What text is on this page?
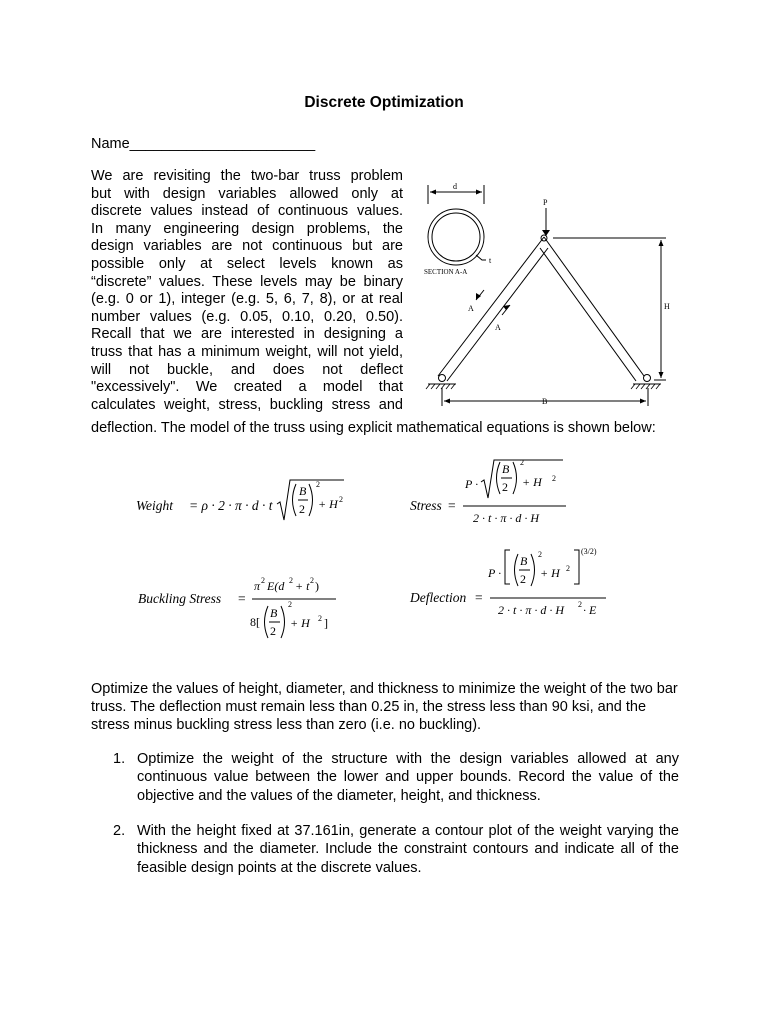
Discrete Optimization
Name_______________________
We are revisiting the two-bar truss problem
but with design variables allowed only at
discrete values instead of continuous values.
In many engineering design problems, the
design variables are not continuous but are
possible only at select levels known as
“discrete” values. These levels may be binary
(e.g. 0 or 1), integer (e.g. 5, 6, 7, 8), or at real
number values (e.g. 0.05, 0.10, 0.20, 0.50).
Recall that we are interested in designing a
truss that has a minimum weight, will not yield,
will not buckle, and does not deflect
"excessively". We created a model that
calculates weight, stress, buckling stress and
deflection. The model of the truss using explicit mathematical equations is shown below:
d
t
SECTION A-A
P
A
A
H
B
Weight = ρ · 2 · π · d · t
B
2
2
+ H 2	Stress =
P ·
B
2
2
+ H 2
2 · t · π · d · H
Buckling Stress =
π 2 E(d 2 + t 2 )
8[
B
2
2
+ H 2 ]
Deflection =
P ·
B
2
2
+ H 2
(3/2)
2 · t · π · d · H 2 · E
Optimize the values of height, diameter, and thickness to minimize the weight of the two bar truss. The deflection must remain less than 0.25 in, the stress less than 90 ksi, and the stress minus buckling stress less than zero (i.e. no buckling).
1. Optimize the weight of the structure with the design variables allowed at any continuous value between the lower and upper bounds. Record the value of the objective and the values of the diameter, height, and thickness.
2. With the height fixed at 37.161in, generate a contour plot of the weight varying the thickness and the diameter. Include the constraint contours and indicate all of the feasible design points at the discrete values.
